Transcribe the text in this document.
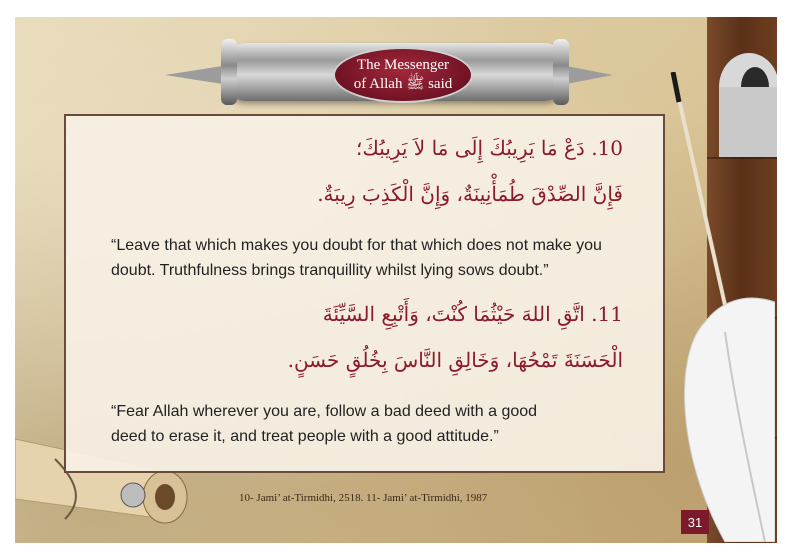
The Messenger
of Allah ﷺ said
10. دَعْ مَا يَرِيبُكَ إِلَى مَا لاَ يَرِيبُكَ؛
فَإِنَّ الصِّدْقَ طُمَأْنِينَةٌ، وَإِنَّ الْكَذِبَ رِيبَةٌ.
“Leave that which makes you doubt for that which does not make you
doubt. Truthfulness brings tranquillity whilst lying sows doubt.”
11. اتَّقِ اللهَ حَيْثُمَا كُنْتَ، وَأَتْبِعِ السَّيِّئَةَ
الْحَسَنَةَ تَمْحُهَا، وَخَالِقِ النَّاسَ بِخُلُقٍ حَسَنٍ.
“Fear Allah wherever you are, follow a bad deed with a good
deed to erase it, and treat people with a good attitude.”
10- Jami’ at-Tirmidhi, 2518. 11- Jami’ at-Tirmidhi, 1987
31
